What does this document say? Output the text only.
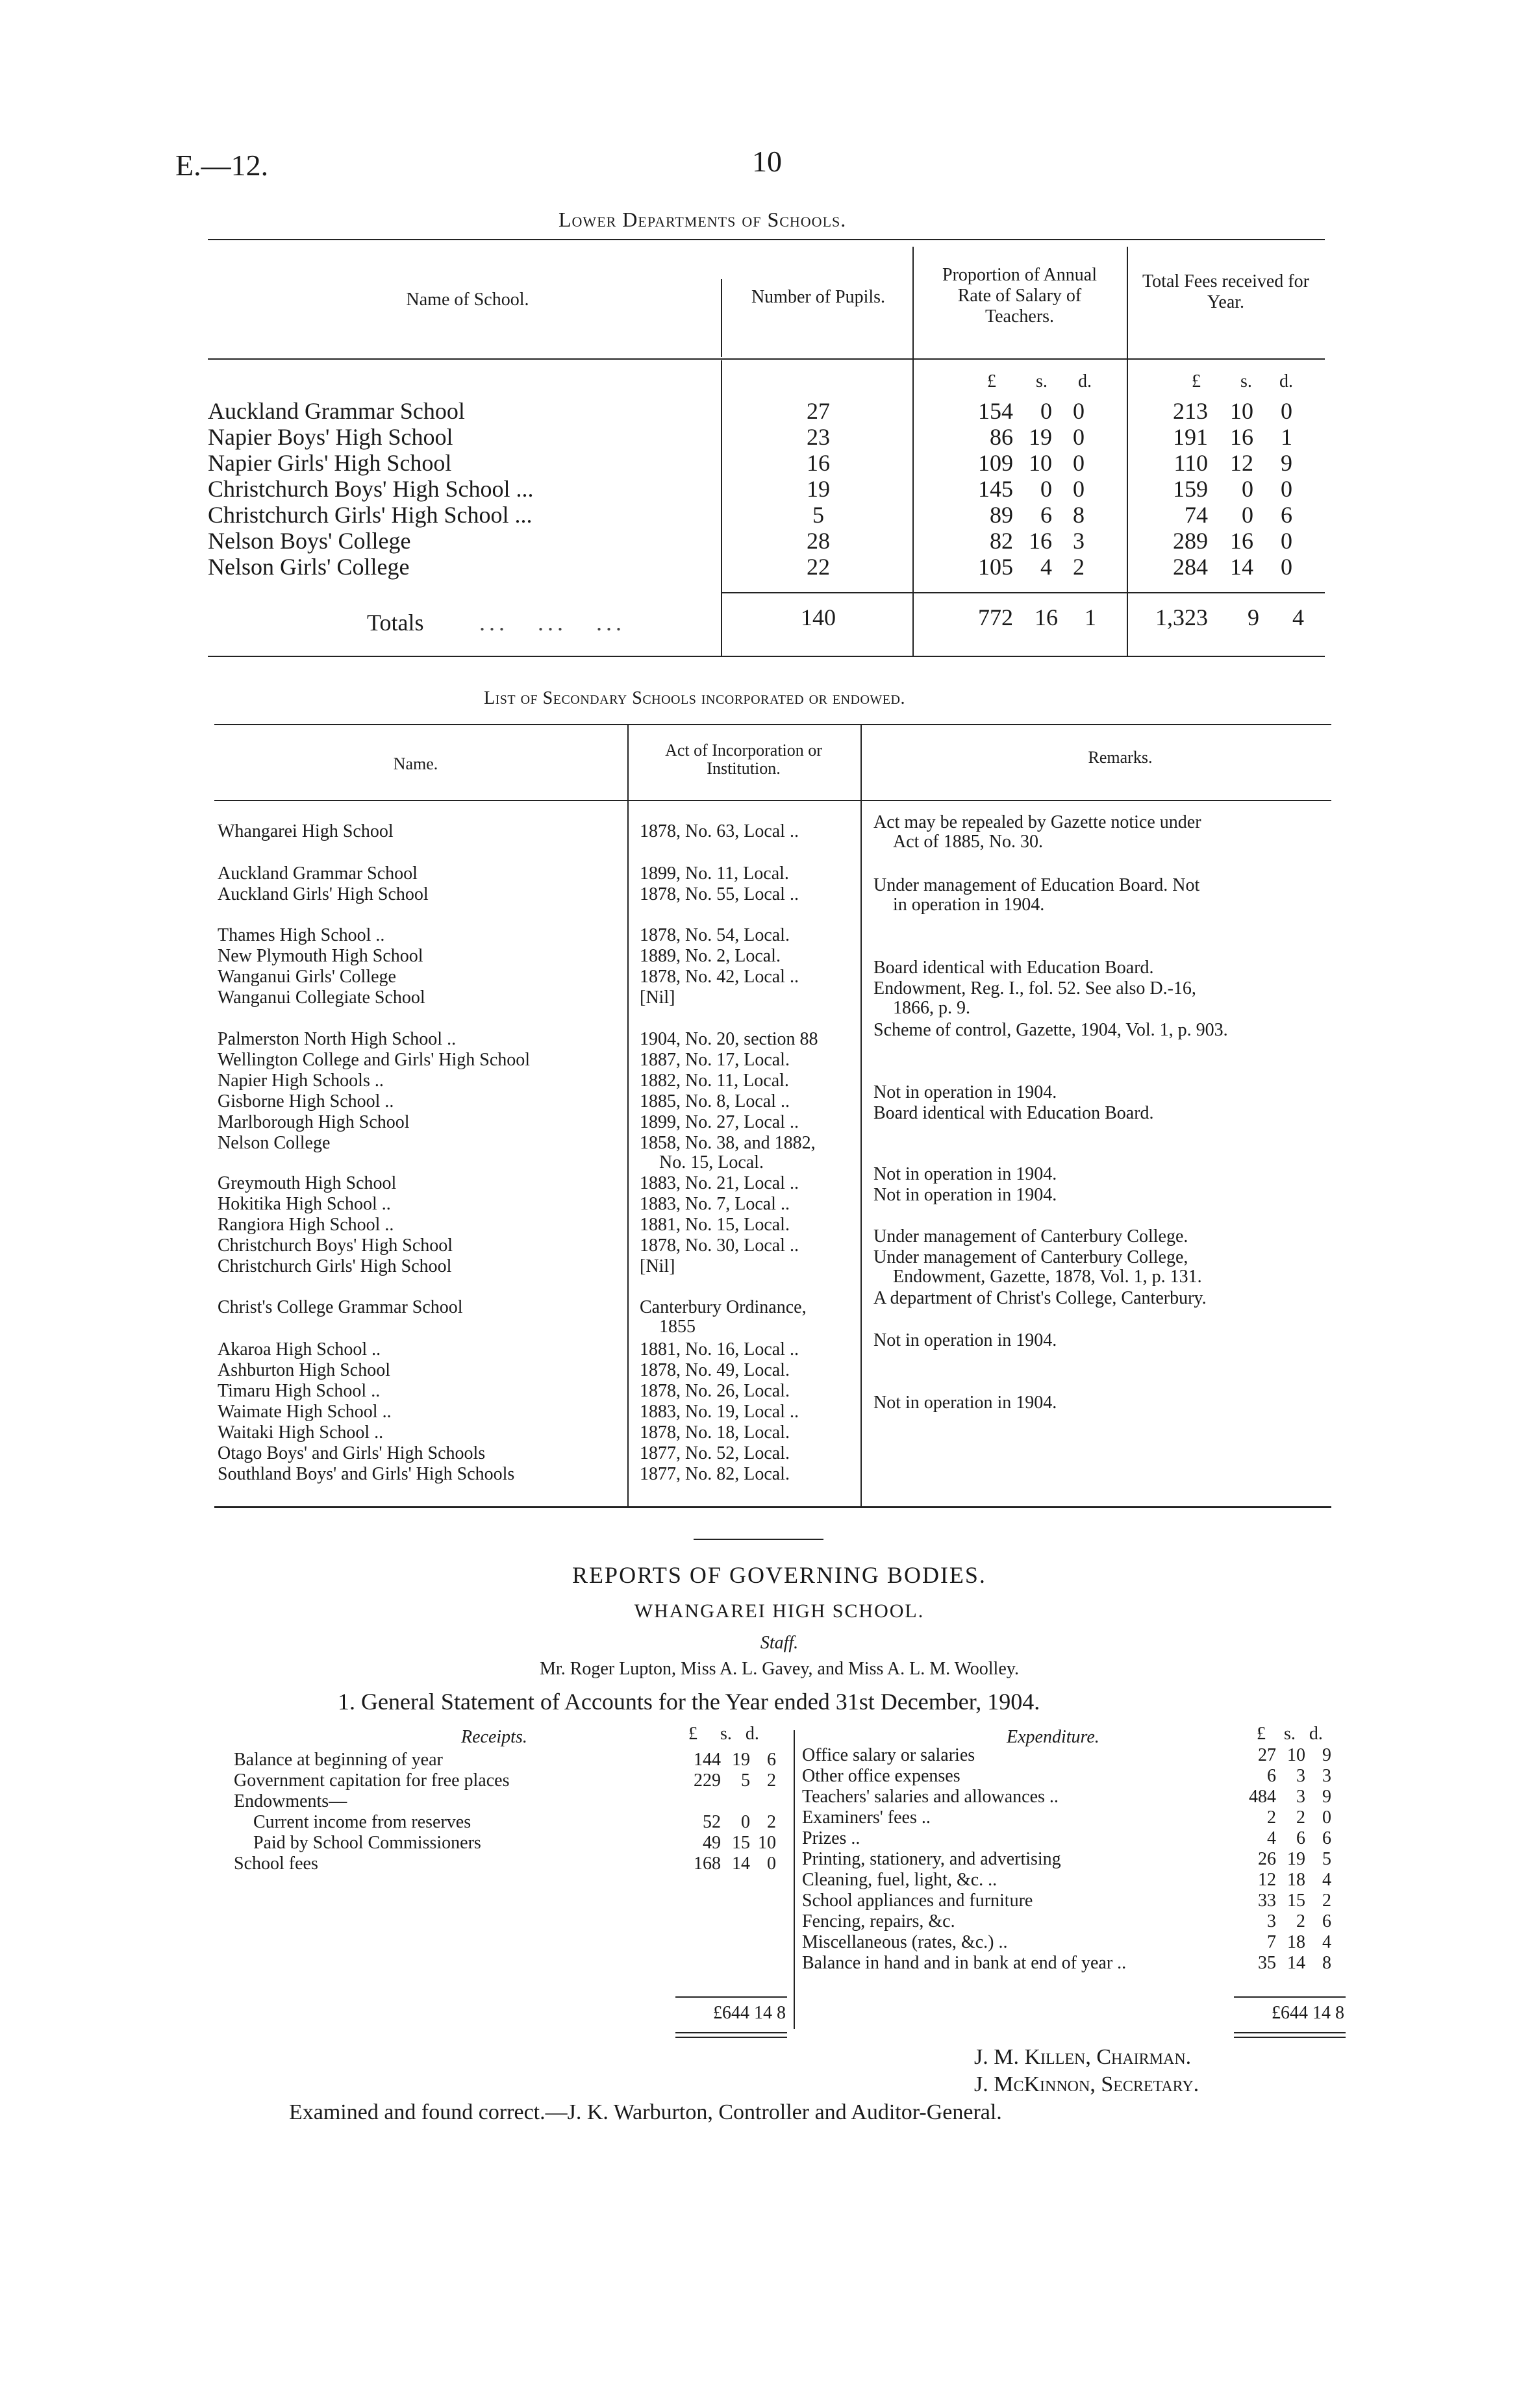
E.—12.	10
Lower Departments of Schools.
Name of School.	Number of Pupils.
Proportion of Annual Rate of Salary of Teachers.
Total Fees received for Year.
£ s. d.	£ s. d.
Auckland Grammar School	27	154 0 0	213 10 0
Napier Boys' High School	23	86 19 0	191 16 1
Napier Girls' High School	16	109 10 0	110 12 9
Christchurch Boys' High School ...	19	145 0 0	159 0 0
Christchurch Girls' High School ...	5	89 6 8	74 0 6
Nelson Boys' College	28	82 16 3	289 16 0
Nelson Girls' College	22	105 4 2	284 14 0
Totals ...   ...   ...	140	772 16 1	1,323 9 4
List of Secondary Schools incorporated or endowed.
Name.
Act of Incorporation or Institution.
Remarks.
Whangarei High School	1878, No. 63, Local ..	Act may be repealed by Gazette notice under
Act of 1885, No. 30.
Auckland Grammar School	1899, No. 11, Local.
Auckland Girls' High School	1878, No. 55, Local ..	Under management of Education Board. Not
in operation in 1904.
Thames High School ..	1878, No. 54, Local.
New Plymouth High School	1889, No. 2, Local.
Wanganui Girls' College	1878, No. 42, Local ..	Board identical with Education Board.
Wanganui Collegiate School	[Nil]	Endowment, Reg. I., fol. 52. See also D.-16,
1866, p. 9.
Palmerston North High School ..	1904, No. 20, section 88	Scheme of control, Gazette, 1904, Vol. 1, p. 903.
Wellington College and Girls' High School	1887, No. 17, Local.
Napier High Schools ..	1882, No. 11, Local.
Gisborne High School ..	1885, No. 8, Local ..	Not in operation in 1904.
Marlborough High School	1899, No. 27, Local ..	Board identical with Education Board.
Nelson College	1858, No. 38, and 1882,
No. 15, Local.
Greymouth High School	1883, No. 21, Local ..	Not in operation in 1904.
Hokitika High School ..	1883, No. 7, Local ..	Not in operation in 1904.
Rangiora High School ..	1881, No. 15, Local.
Christchurch Boys' High School	1878, No. 30, Local ..	Under management of Canterbury College.
Christchurch Girls' High School	[Nil]	Under management of Canterbury College,
Endowment, Gazette, 1878, Vol. 1, p. 131.
Christ's College Grammar School	Canterbury Ordinance,
1855
A department of Christ's College, Canterbury.
Akaroa High School ..	1881, No. 16, Local ..	Not in operation in 1904.
Ashburton High School	1878, No. 49, Local.
Timaru High School ..	1878, No. 26, Local.
Waimate High School ..	1883, No. 19, Local ..	Not in operation in 1904.
Waitaki High School ..	1878, No. 18, Local.
Otago Boys' and Girls' High Schools	1877, No. 52, Local.
Southland Boys' and Girls' High Schools	1877, No. 82, Local.
REPORTS OF GOVERNING BODIES.
WHANGAREI HIGH SCHOOL.
Staff.
Mr. Roger Lupton, Miss A. L. Gavey, and Miss A. L. M. Woolley.
1. General Statement of Accounts for the Year ended 31st December, 1904.
Receipts.	£     s.   d.	Expenditure.	£    s.   d.
Balance at beginning of year	144 19 6
Government capitation for free places	229 5 2
Endowments—
Current income from reserves	52 0 2
Paid by School Commissioners	49 15 10
School fees	168 14 0
Office salary or salaries	27 10 9
Other office expenses	6 3 3
Teachers' salaries and allowances ..	484 3 9
Examiners' fees ..	2 2 0
Prizes ..	4 6 6
Printing, stationery, and advertising	26 19 5
Cleaning, fuel, light, &c. ..	12 18 4
School appliances and furniture	33 15 2
Fencing, repairs, &c.	3 2 6
Miscellaneous (rates, &c.) ..	7 18 4
Balance in hand and in bank at end of year ..	35 14 8
£644 14 8	£644 14 8
J. M. Killen, Chairman.
J. McKinnon, Secretary.
Examined and found correct.—J. K. Warburton, Controller and Auditor-General.
